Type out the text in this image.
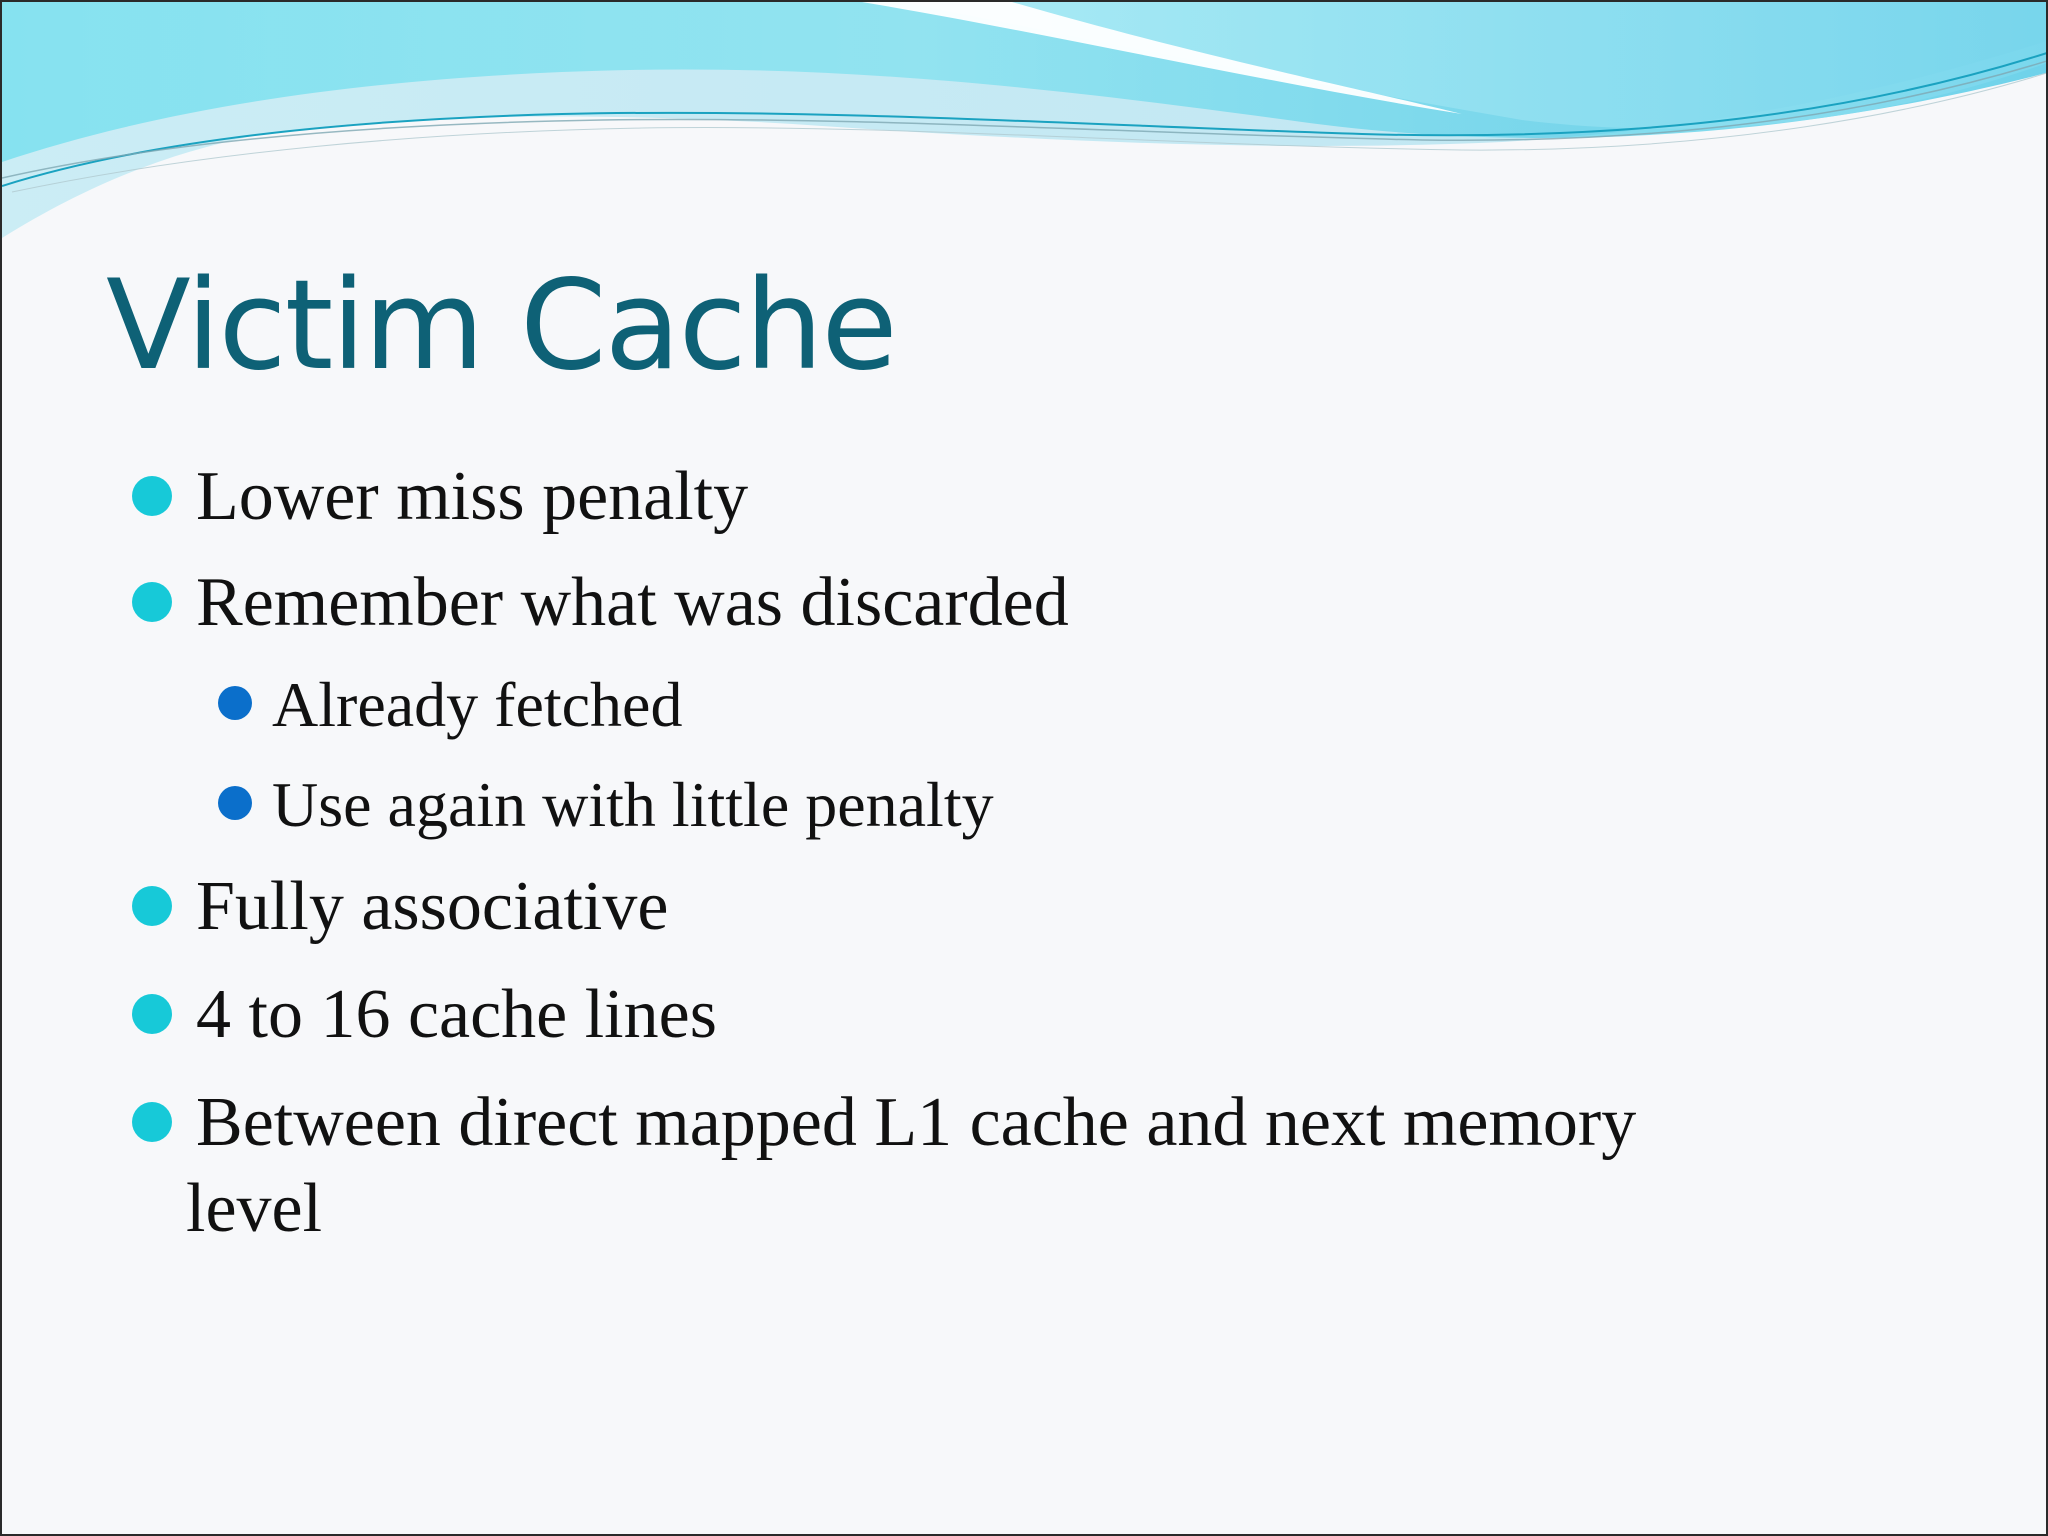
Victim Cache
Lower miss penalty
Remember what was discarded
Already fetched
Use again with little penalty
Fully associative
4 to 16 cache lines
Between direct mapped L1 cache and next memory
level
